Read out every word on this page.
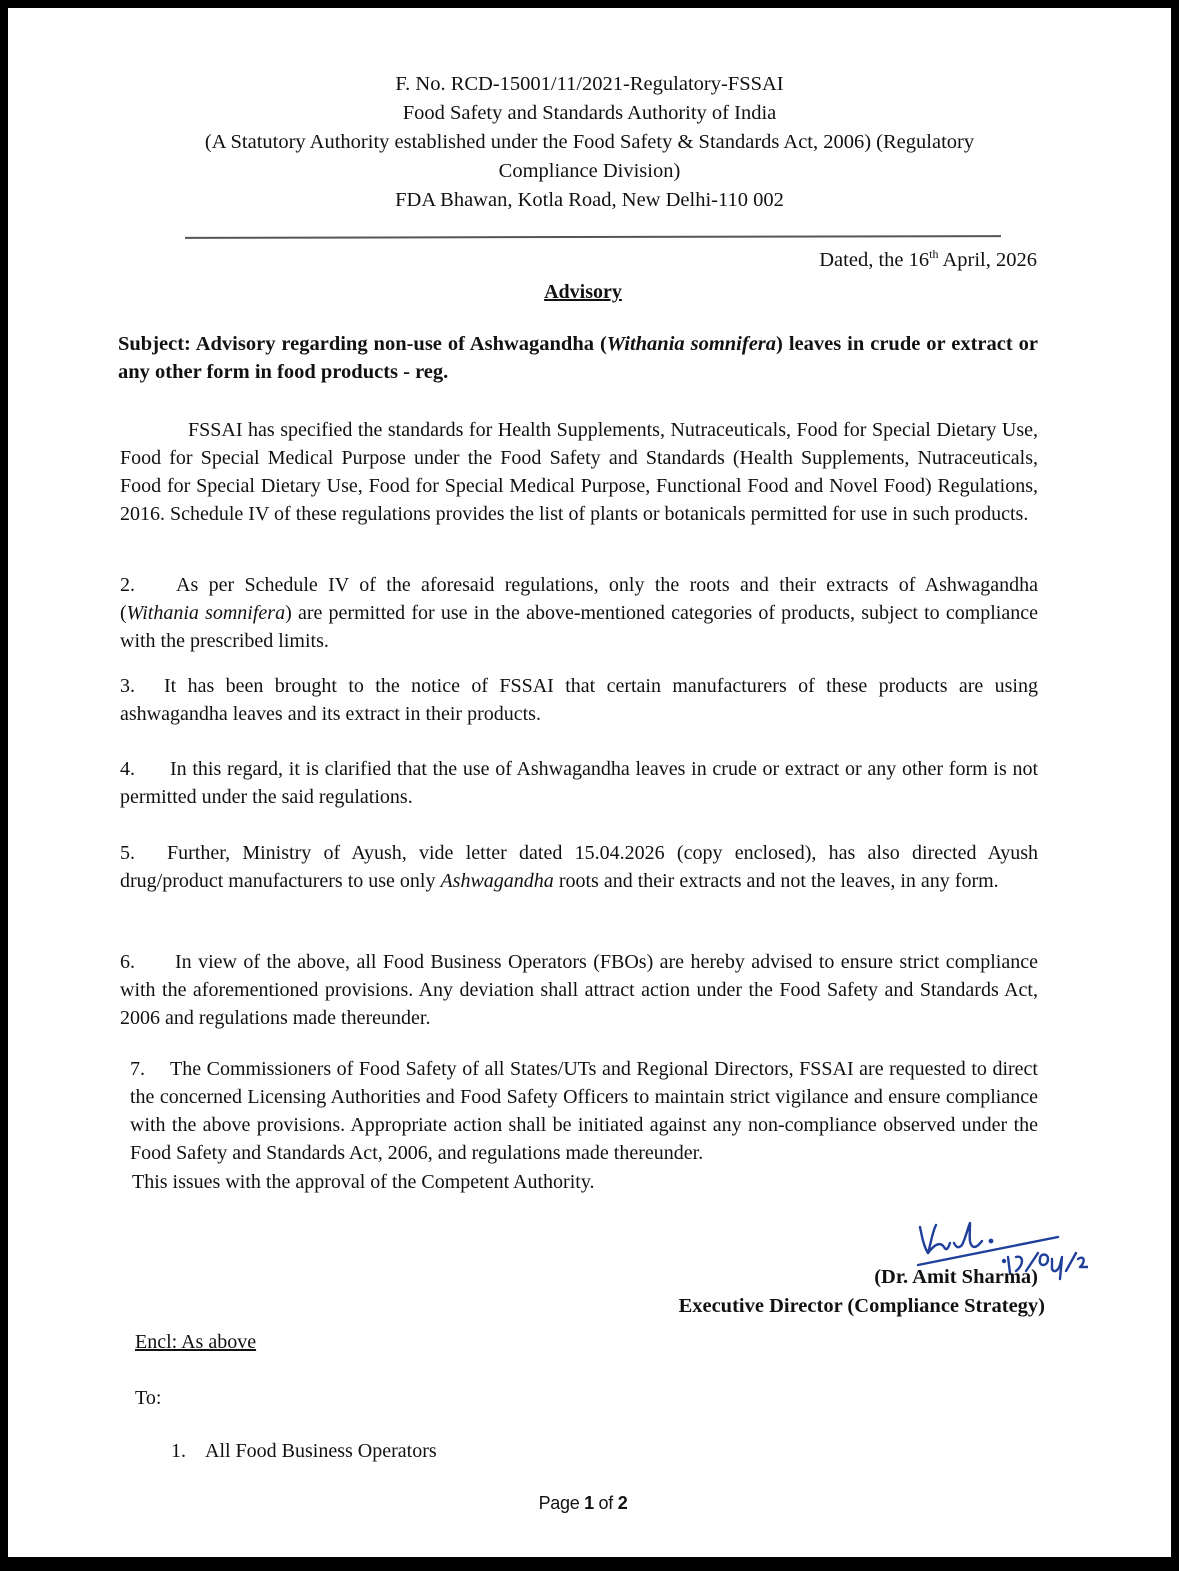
F. No. RCD-15001/11/2021-Regulatory-FSSAI
Food Safety and Standards Authority of India
(A Statutory Authority established under the Food Safety & Standards Act, 2006) (Regulatory
Compliance Division)
FDA Bhawan, Kotla Road, New Delhi-110 002
Dated, the 16th April, 2026
Advisory
Subject: Advisory regarding non-use of Ashwagandha (Withania somnifera) leaves in crude or extract or any other form in food products - reg.
FSSAI has specified the standards for Health Supplements, Nutraceuticals, Food for Special Dietary Use, Food for Special Medical Purpose under the Food Safety and Standards (Health Supplements, Nutraceuticals, Food for Special Dietary Use, Food for Special Medical Purpose, Functional Food and Novel Food) Regulations, 2016. Schedule IV of these regulations provides the list of plants or botanicals permitted for use in such products.
2. As per Schedule IV of the aforesaid regulations, only the roots and their extracts of Ashwagandha (Withania somnifera) are permitted for use in the above-mentioned categories of products, subject to compliance with the prescribed limits.
3. It has been brought to the notice of FSSAI that certain manufacturers of these products are using ashwagandha leaves and its extract in their products.
4. In this regard, it is clarified that the use of Ashwagandha leaves in crude or extract or any other form is not permitted under the said regulations.
5. Further, Ministry of Ayush, vide letter dated 15.04.2026 (copy enclosed), has also directed Ayush drug/product manufacturers to use only Ashwagandha roots and their extracts and not the leaves, in any form.
6. In view of the above, all Food Business Operators (FBOs) are hereby advised to ensure strict compliance with the aforementioned provisions. Any deviation shall attract action under the Food Safety and Standards Act, 2006 and regulations made thereunder.
7. The Commissioners of Food Safety of all States/UTs and Regional Directors, FSSAI are requested to direct the concerned Licensing Authorities and Food Safety Officers to maintain strict vigilance and ensure compliance with the above provisions. Appropriate action shall be initiated against any non-compliance observed under the Food Safety and Standards Act, 2006, and regulations made thereunder.
This issues with the approval of the Competent Authority.
(Dr. Amit Sharma)
Executive Director (Compliance Strategy)
Encl: As above
To:
1. All Food Business Operators
Page 1 of 2
